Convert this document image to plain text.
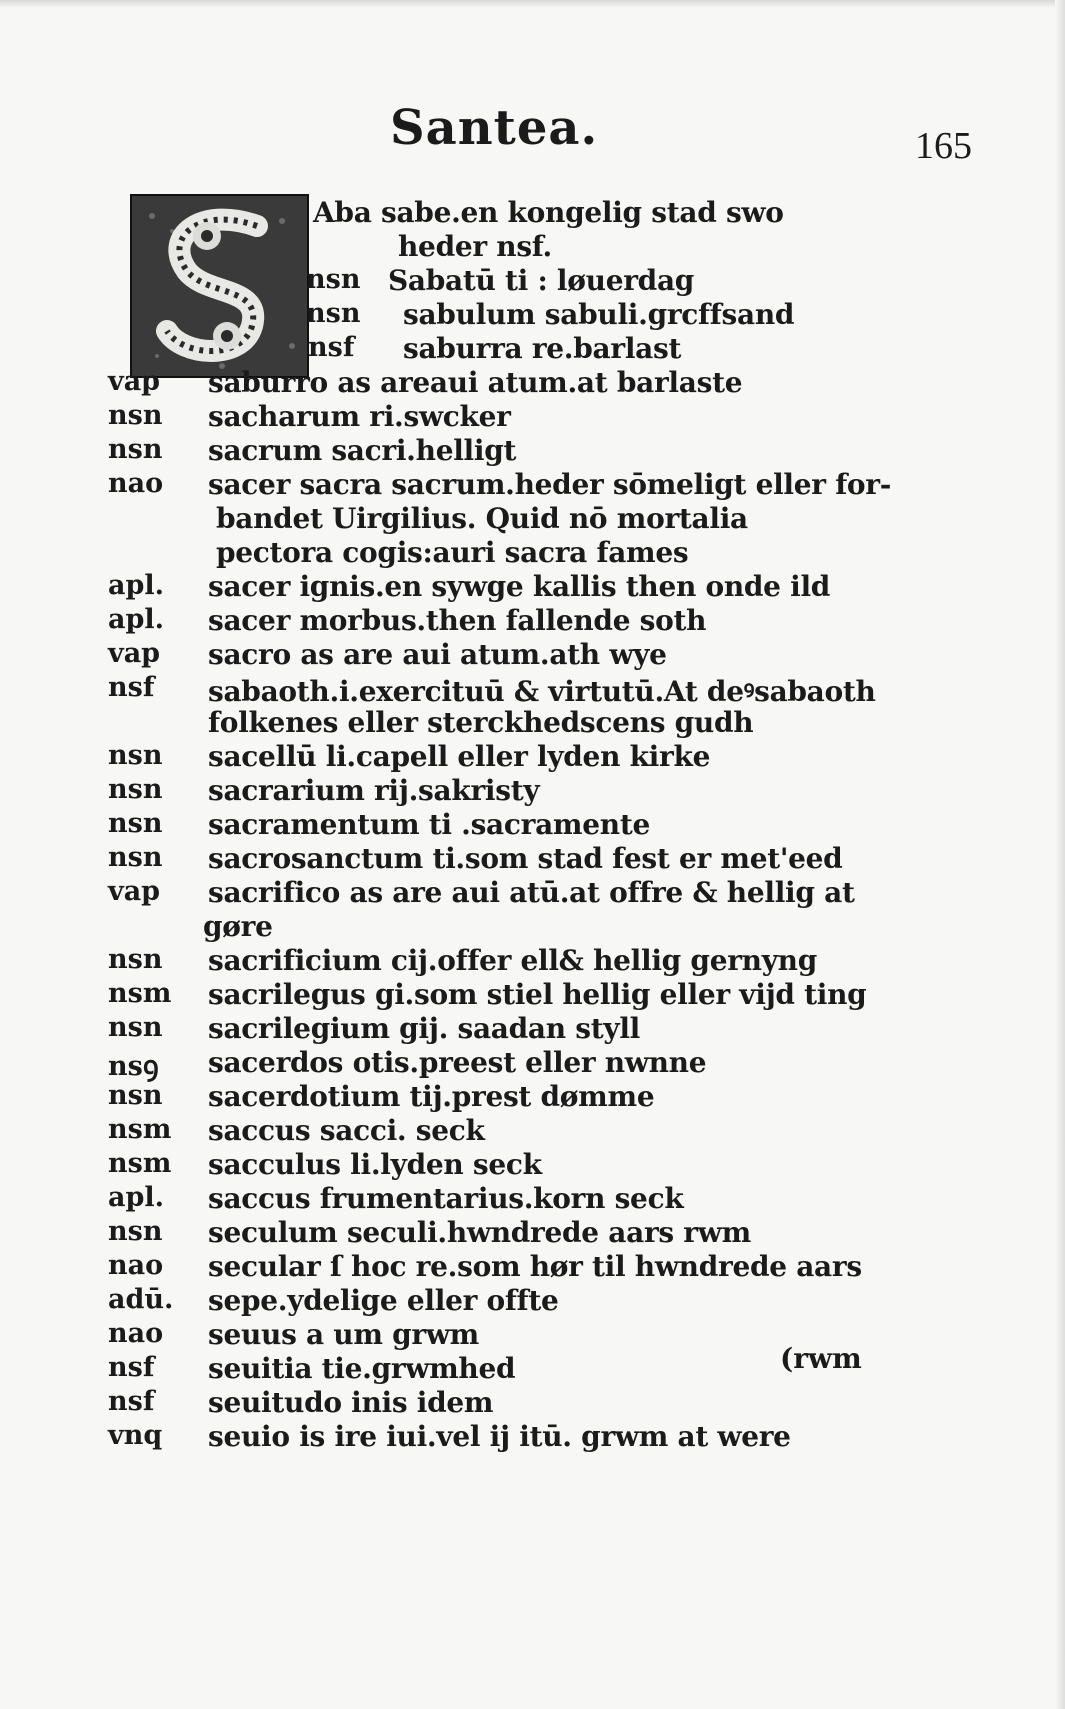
Santea.	165
Aba sabe.en kongelig stad swo
heder nsf.
nsn Sabatū ti : løuerdag
nsn	sabulum sabuli.grcffsand
nsf	saburra re.barlast
vap	saburro as areaui atum.at barlaste
nsn	sacharum ri.swcker
nsn	sacrum sacri.helligt
nao	sacer sacra sacrum.heder sōmeligt eller for-
bandet Uirgilius. Quid nō mortalia
pectora cogis:auri sacra fames
apl.	sacer ignis.en sywge kallis then onde ild
apl.	sacer morbus.then fallende soth
vap	sacro as are aui atum.ath wye
nsf	sabaoth.i.exercituū & virtutū.At deꝰsabaoth
folkenes eller sterckhedscens gudh
nsn	sacellū li.capell eller lyden kirke
nsn	sacrarium rij.sakristy
nsn	sacramentum ti .sacramente
nsn	sacrosanctum ti.som stad fest er met'eed
vap	sacrifico as are aui atū.at offre & hellig at
gøre
nsn	sacrificium cij.offer ell& hellig gernyng
nsm	sacrilegus gi.som stiel hellig eller vijd ting
nsn	sacrilegium gij. saadan styll
nsꝯ	sacerdos otis.preest eller nwnne
nsn	sacerdotium tij.prest dømme
nsm	saccus sacci. seck
nsm	sacculus li.lyden seck
apl.	saccus frumentarius.korn seck
nsn	seculum seculi.hwndrede aars rwm
nao	secular ſ hoc re.som hør til hwndrede aars
adū.	sepe.ydelige eller offte
nao	seuus a um grwm
nsf	seuitia tie.grwmhed
nsf	seuitudo inis idem
vnq	seuio is ire iui.vel ij itū. grwm at were
(rwm
